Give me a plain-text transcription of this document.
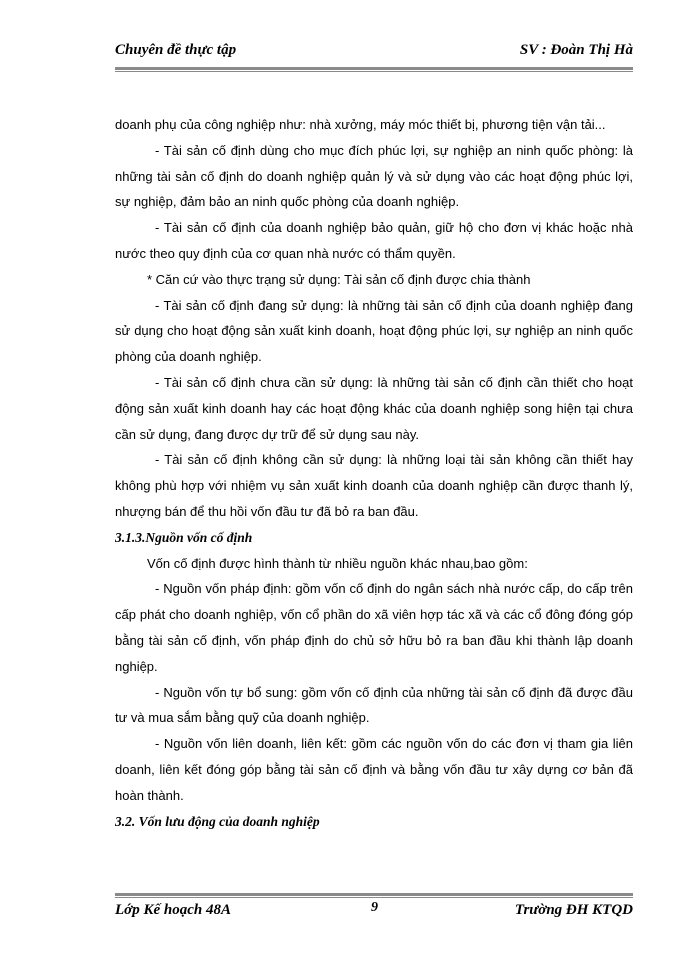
Chuyên đề thực tập	SV : Đoàn Thị Hà

doanh phụ của công nghiệp như: nhà xưởng, máy móc thiết bị, phương tiện vận tải...

- Tài sản cố định dùng cho mục đích phúc lợi, sự nghiệp an ninh quốc phòng: là những tài sản cố định do doanh nghiệp quản lý và sử dụng vào các hoạt động phúc lợi, sự nghiệp, đảm bảo an ninh quốc phòng của doanh nghiệp.

- Tài sản cố định của doanh nghiệp bảo quản, giữ hộ cho đơn vị khác hoặc nhà nước theo quy định của cơ quan nhà nước có thẩm quyền.

* Căn cứ vào thực trạng sử dụng: Tài sản cố định được chia thành

- Tài sản cố định đang sử dụng: là những tài sản cố định của doanh nghiệp đang sử dụng cho hoạt động sản xuất kinh doanh, hoạt động phúc lợi, sự nghiệp an ninh quốc phòng của doanh nghiệp.

- Tài sản cố định chưa cần sử dụng: là những tài sản cố định cần thiết cho hoạt động sản xuất kinh doanh hay các hoạt động khác của doanh nghiệp song hiện tại chưa cần sử dụng, đang được dự trữ để sử dụng sau này.

- Tài sản cố định không cần sử dụng: là những loại tài sản không cần thiết hay không phù hợp với nhiệm vụ sản xuất kinh doanh của doanh nghiệp cần được thanh lý, nhượng bán để thu hồi vốn đầu tư đã bỏ ra ban đầu.

3.1.3.Nguồn vốn cố định

Vốn cố định được hình thành từ nhiều nguồn khác nhau,bao gồm:

- Nguồn vốn pháp định: gồm vốn cố định do ngân sách nhà nước cấp, do cấp trên cấp phát cho doanh nghiệp, vốn cổ phần do xã viên hợp tác xã và các cổ đông đóng góp bằng tài sản cố định, vốn pháp định do chủ sở hữu bỏ ra ban đầu khi thành lập doanh nghiệp.

- Nguồn vốn tự bổ sung: gồm vốn cố định của những tài sản cố định đã được đầu tư và mua sắm bằng quỹ của doanh nghiệp.

- Nguồn vốn liên doanh, liên kết: gồm các nguồn vốn do các đơn vị tham gia liên doanh, liên kết đóng góp bằng tài sản cố định và bằng vốn đầu tư xây dựng cơ bản đã hoàn thành.

3.2. Vốn lưu động của doanh nghiệp

Lớp Kế hoạch 48A	9	Trường ĐH KTQD
